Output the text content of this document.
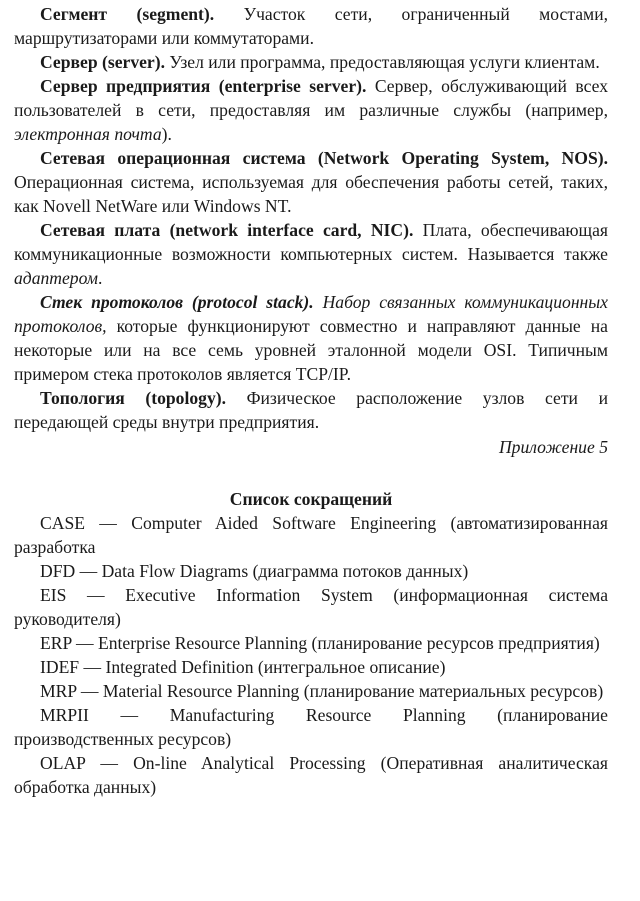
Сегмент (segment). Участок сети, ограниченный мостами, маршрутизаторами или коммутаторами.

Сервер (server). Узел или программа, предоставляющая услуги клиентам.

Сервер предприятия (enterprise server). Сервер, обслуживающий всех пользователей в сети, предоставляя им различные службы (например, электронная почта).

Сетевая операционная система (Network Operating System, NOS). Операционная система, используемая для обеспечения работы сетей, таких, как Novell NetWare или Windows NT.

Сетевая плата (network interface card, NIC). Плата, обеспечивающая коммуникационные возможности компьютерных систем. Называется также адаптером.

Стек протоколов (protocol stack). Набор связанных коммуникационных протоколов, которые функционируют совместно и направляют данные на некоторые или на все семь уровней эталонной модели OSI. Типичным примером стека протоколов является TCP/IP.

Топология (topology). Физическое расположение узлов сети и передающей среды внутри предприятия.

Приложение 5

Список сокращений

CASE — Computer Aided Software Engineering (автоматизированная разработка

DFD — Data Flow Diagrams (диаграмма потоков данных)

EIS — Executive Information System (информационная система руководителя)

ERP — Enterprise Resource Planning (планирование ресурсов предприятия)

IDEF — Integrated Definition (интегральное описание)

MRP — Material Resource Planning (планирование материальных ресурсов)

MRPII — Manufacturing Resource Planning (планирование производственных ресурсов)

OLAP — On-line Analytical Processing (Оперативная аналитическая обработка данных)
